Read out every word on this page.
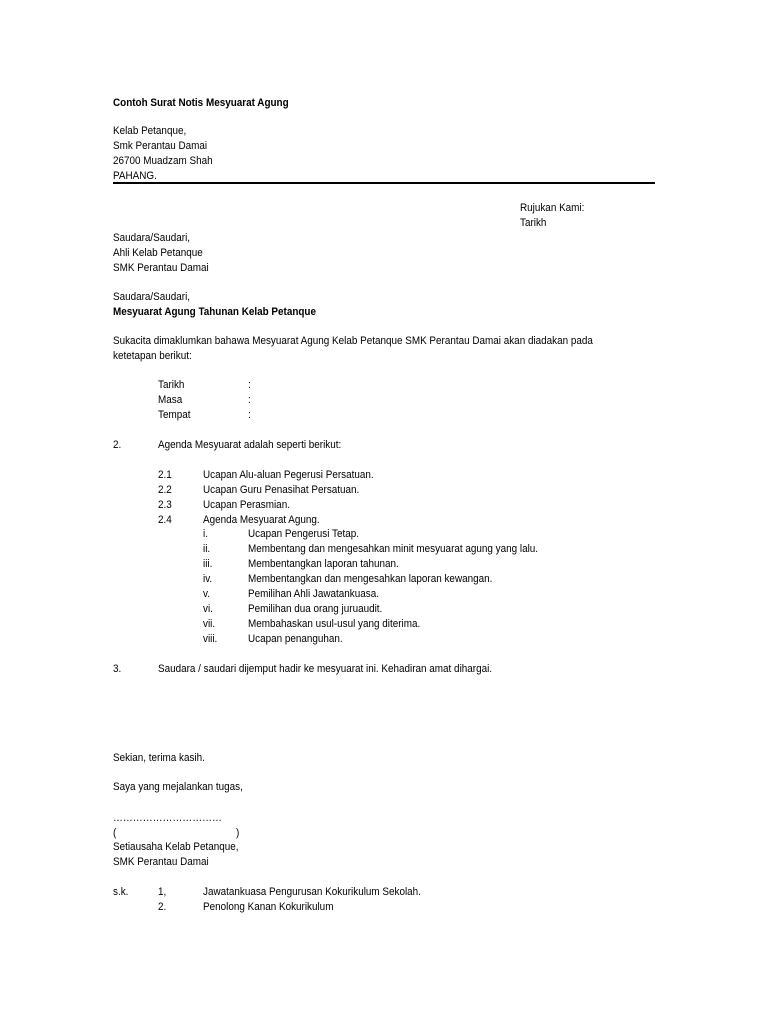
Contoh Surat Notis Mesyuarat Agung
Kelab Petanque,
Smk Perantau Damai
26700 Muadzam Shah
PAHANG.
Rujukan Kami:
Tarikh
Saudara/Saudari,
Ahli Kelab Petanque
SMK Perantau Damai
Saudara/Saudari,
Mesyuarat Agung Tahunan Kelab Petanque
Sukacita dimaklumkan bahawa Mesyuarat Agung Kelab Petanque SMK Perantau Damai akan diadakan pada
ketetapan berikut:
Tarikh	:
Masa	:
Tempat	:
2.	Agenda Mesyuarat adalah seperti berikut:
2.1	Ucapan Alu-aluan Pegerusi Persatuan.
2.2	Ucapan Guru Penasihat Persatuan.
2.3	Ucapan Perasmian.
2.4	Agenda Mesyuarat Agung.
i.	Ucapan Pengerusi Tetap.
ii.	Membentang dan mengesahkan minit mesyuarat agung yang lalu.
iii.	Membentangkan laporan tahunan.
iv.	Membentangkan dan mengesahkan laporan kewangan.
v.	Pemilihan Ahli Jawatankuasa.
vi.	Pemilihan dua orang juruaudit.
vii.	Membahaskan usul-usul yang diterima.
viii.	Ucapan penanguhan.
3.	Saudara / saudari dijemput hadir ke mesyuarat ini. Kehadiran amat dihargai.
Sekian, terima kasih.
Saya yang mejalankan tugas,
……………………………
(	)
Setiausaha Kelab Petanque,
SMK Perantau Damai
s.k.	1,	Jawatankuasa Pengurusan Kokurikulum Sekolah.
2.	Penolong Kanan Kokurikulum
